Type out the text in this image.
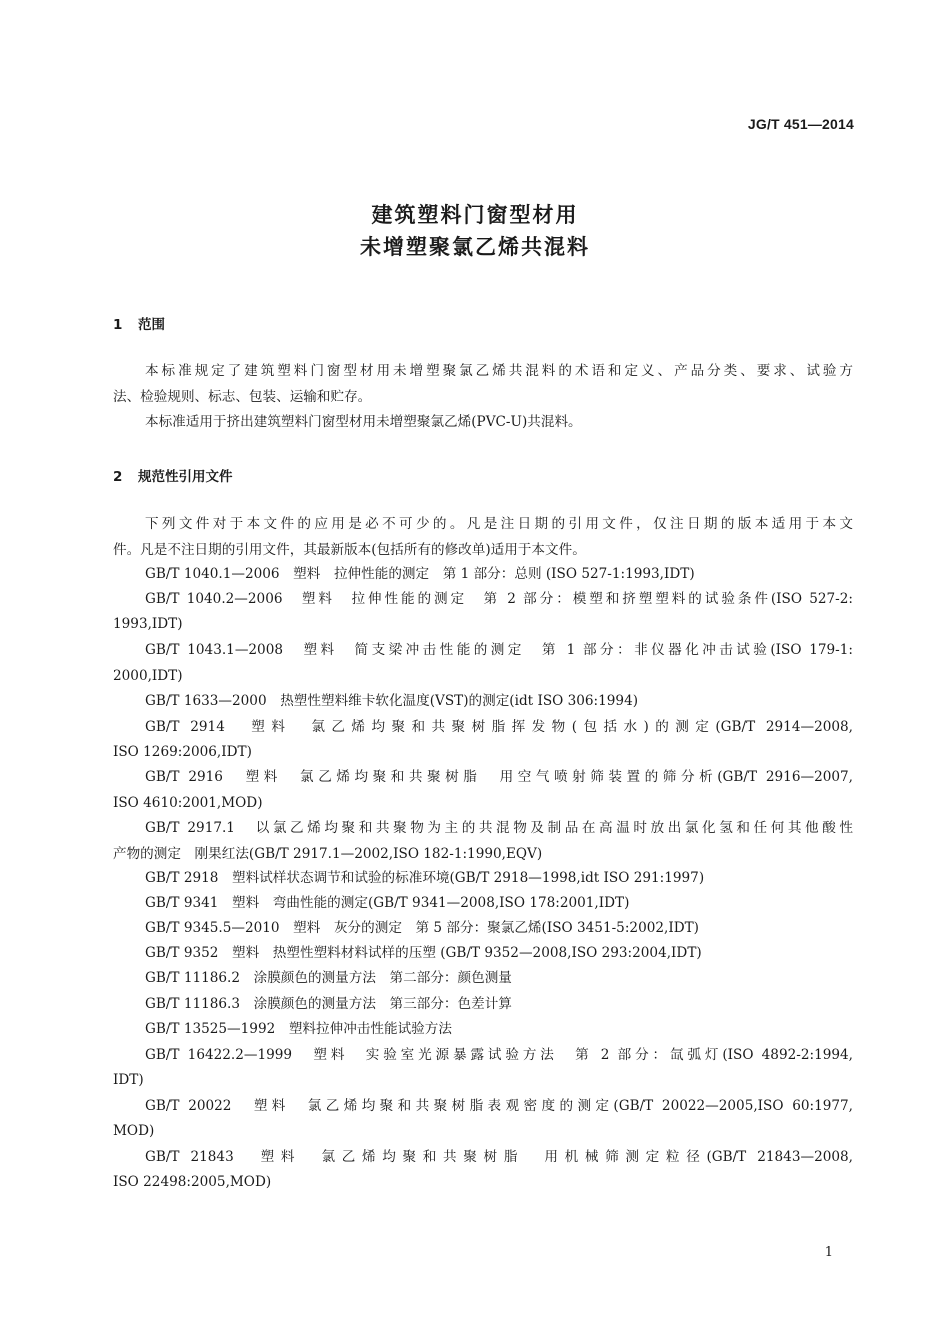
JG/T 451—2014
建筑塑料门窗型材用
未增塑聚氯乙烯共混料
1 范围
本标准规定了建筑塑料门窗型材用未增塑聚氯乙烯共混料的术语和定义、产品分类、要求、试验方
法、检验规则、标志、包装、运输和贮存。
本标准适用于挤出建筑塑料门窗型材用未增塑聚氯乙烯(PVC-U)共混料。
2 规范性引用文件
下列文件对于本文件的应用是必不可少的。凡是注日期的引用文件，仅注日期的版本适用于本文
件。凡是不注日期的引用文件，其最新版本(包括所有的修改单)适用于本文件。
GB/T 1040.1—2006　塑料　拉伸性能的测定　第 1 部分：总则 (ISO 527-1:1993,IDT)
GB/T 1040.2—2006　塑料　拉伸性能的测定　第 2 部分：模塑和挤塑塑料的试验条件(ISO 527-2:
1993,IDT)
GB/T 1043.1—2008　塑料　简支梁冲击性能的测定　第 1 部分：非仪器化冲击试验(ISO 179-1:
2000,IDT)
GB/T 1633—2000　热塑性塑料维卡软化温度(VST)的测定(idt ISO 306:1994)
GB/T 2914　塑料　氯乙烯均聚和共聚树脂挥发物(包括水)的测定(GB/T 2914—2008,
ISO 1269:2006,IDT)
GB/T 2916　塑料　氯乙烯均聚和共聚树脂　用空气喷射筛装置的筛分析(GB/T 2916—2007,
ISO 4610:2001,MOD)
GB/T 2917.1　以氯乙烯均聚和共聚物为主的共混物及制品在高温时放出氯化氢和任何其他酸性
产物的测定　刚果红法(GB/T 2917.1—2002,ISO 182-1:1990,EQV)
GB/T 2918　塑料试样状态调节和试验的标准环境(GB/T 2918—1998,idt ISO 291:1997)
GB/T 9341　塑料　弯曲性能的测定(GB/T 9341—2008,ISO 178:2001,IDT)
GB/T 9345.5—2010　塑料　灰分的测定　第 5 部分：聚氯乙烯(ISO 3451-5:2002,IDT)
GB/T 9352　塑料　热塑性塑料材料试样的压塑 (GB/T 9352—2008,ISO 293:2004,IDT)
GB/T 11186.2　涂膜颜色的测量方法　第二部分：颜色测量
GB/T 11186.3　涂膜颜色的测量方法　第三部分：色差计算
GB/T 13525—1992　塑料拉伸冲击性能试验方法
GB/T 16422.2—1999　塑料　实验室光源暴露试验方法　第 2 部分：氙弧灯(ISO 4892-2:1994,
IDT)
GB/T 20022　塑料　氯乙烯均聚和共聚树脂表观密度的测定(GB/T 20022—2005,ISO 60:1977,
MOD)
GB/T 21843　塑料　氯乙烯均聚和共聚树脂　用机械筛测定粒径(GB/T 21843—2008,
ISO 22498:2005,MOD)
1
